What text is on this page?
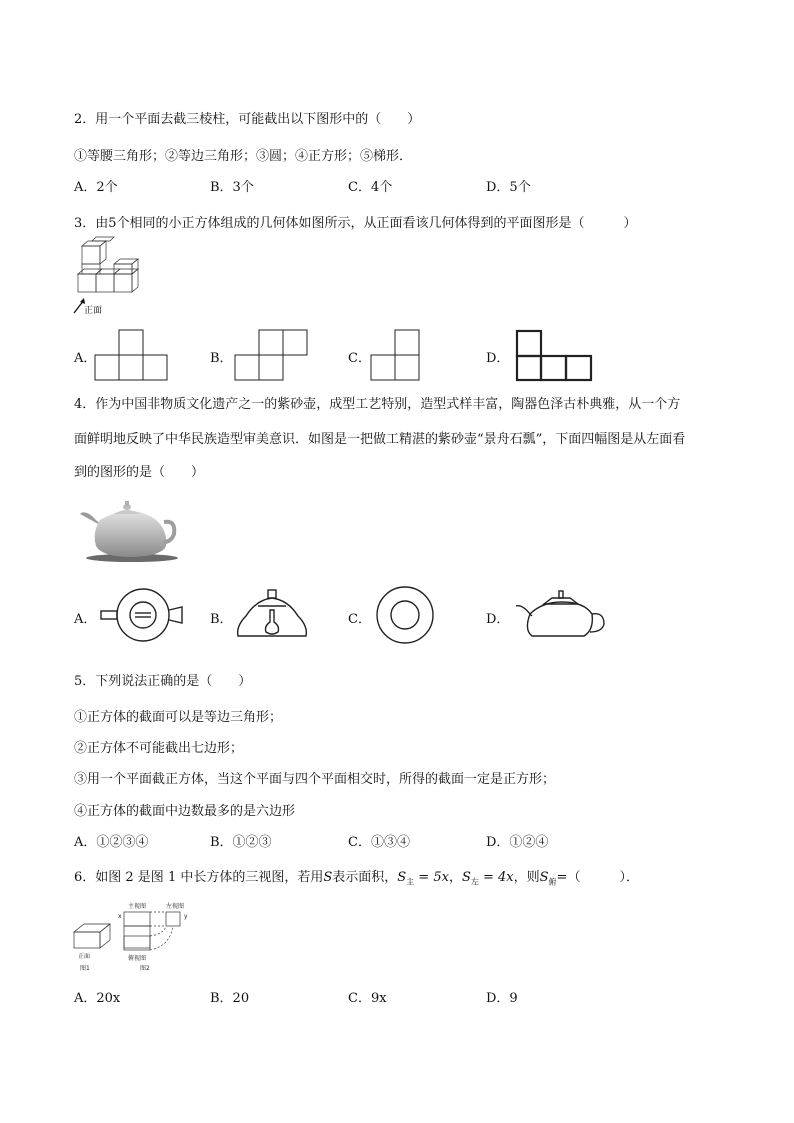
2．用一个平面去截三棱柱，可能截出以下图形中的（　　）
①等腰三角形；②等边三角形；③圆；④正方形；⑤梯形．
A．2个	B．3个	C．4个	D．5个
3．由5个相同的小正方体组成的几何体如图所示，从正面看该几何体得到的平面图形是（　　　）
正面
A．	B．	C．	D．
4．作为中国非物质文化遗产之一的紫砂壶，成型工艺特别，造型式样丰富，陶器色泽古朴典雅，从一个方
面鲜明地反映了中华民族造型审美意识．如图是一把做工精湛的紫砂壶“景舟石瓢”，下面四幅图是从左面看
到的图形的是（　　）
A．	B．	C．	D．
5．下列说法正确的是（　　）
①正方体的截面可以是等边三角形；
②正方体不可能截出七边形；
③用一个平面截正方体，当这个平面与四个平面相交时，所得的截面一定是正方形；
④正方体的截面中边数最多的是六边形
A．①②③④	B．①②③	C．①③④	D．①②④
6．如图 2 是图 1 中长方体的三视图，若用S表示面积，$S_主 = 5x$，$S_左 = 4x$，则$S_俯=$（　　　）．
主视图	左视图
俯视图
正面
图1	图2
x	y
A．20x	B．20	C．9x	D．9
